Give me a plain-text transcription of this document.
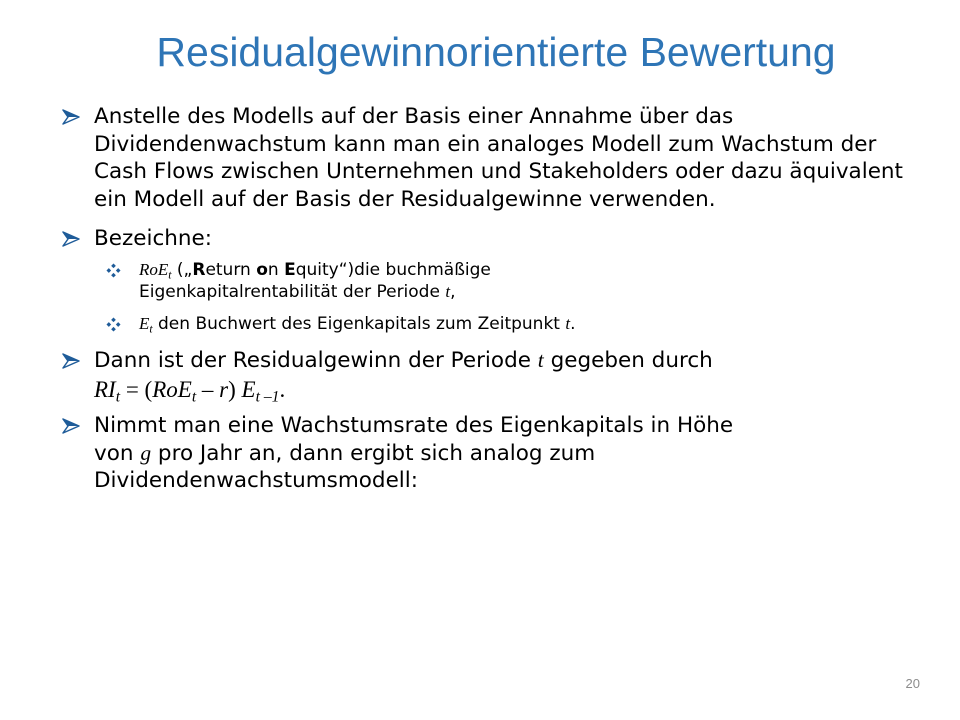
Residualgewinnorientierte Bewertung
Anstelle des Modells auf der Basis einer Annahme über das Dividendenwachstum kann man ein analoges Modell zum Wachstum der Cash Flows zwischen Unternehmen und Stakeholders oder dazu äquivalent ein Modell auf der Basis der Residualgewinne verwenden.
Bezeichne:
RoE$_t$ („Return on Equity“)die buchmäßige
Eigenkapitalrentabilität der Periode t,
$E_t$ den Buchwert des Eigenkapitals zum Zeitpunkt t.
Dann ist der Residualgewinn der Periode t gegeben durch
$RI_t = (RoE_t - r)$ $E_{t -1}$.
Nimmt man eine Wachstumsrate des Eigenkapitals in Höhe
von g pro Jahr an, dann ergibt sich analog zum
Dividendenwachstumsmodell:
20
